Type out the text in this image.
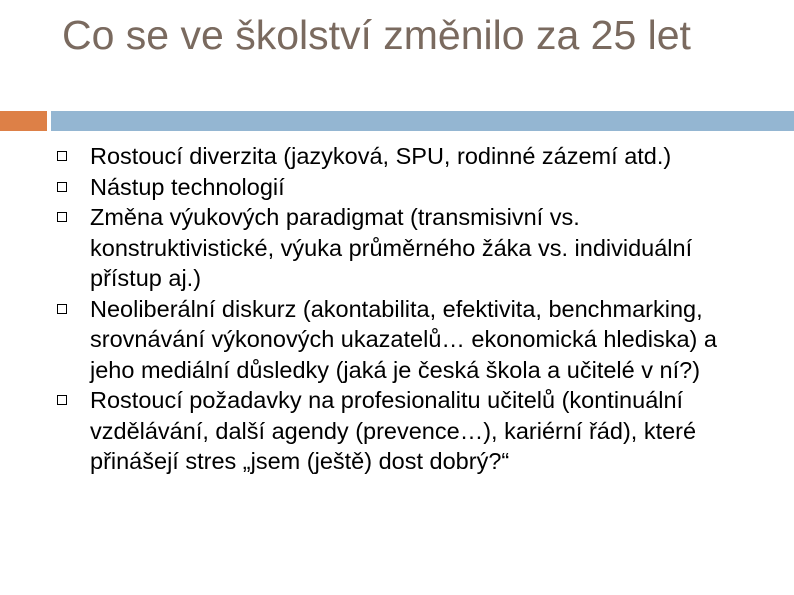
Co se ve školství změnilo za 25 let
Rostoucí diverzita (jazyková, SPU, rodinné zázemí atd.)
Nástup technologií
Změna výukových paradigmat (transmisivní vs. konstruktivistické, výuka průměrného žáka vs. individuální přístup aj.)
Neoliberální diskurz (akontabilita, efektivita, benchmarking, srovnávání výkonových ukazatelů… ekonomická hlediska) a jeho mediální důsledky (jaká je česká škola a učitelé v ní?)
Rostoucí požadavky na profesionalitu učitelů (kontinuální vzdělávání, další agendy (prevence…), kariérní řád), které přinášejí stres „jsem (ještě) dost dobrý?“
